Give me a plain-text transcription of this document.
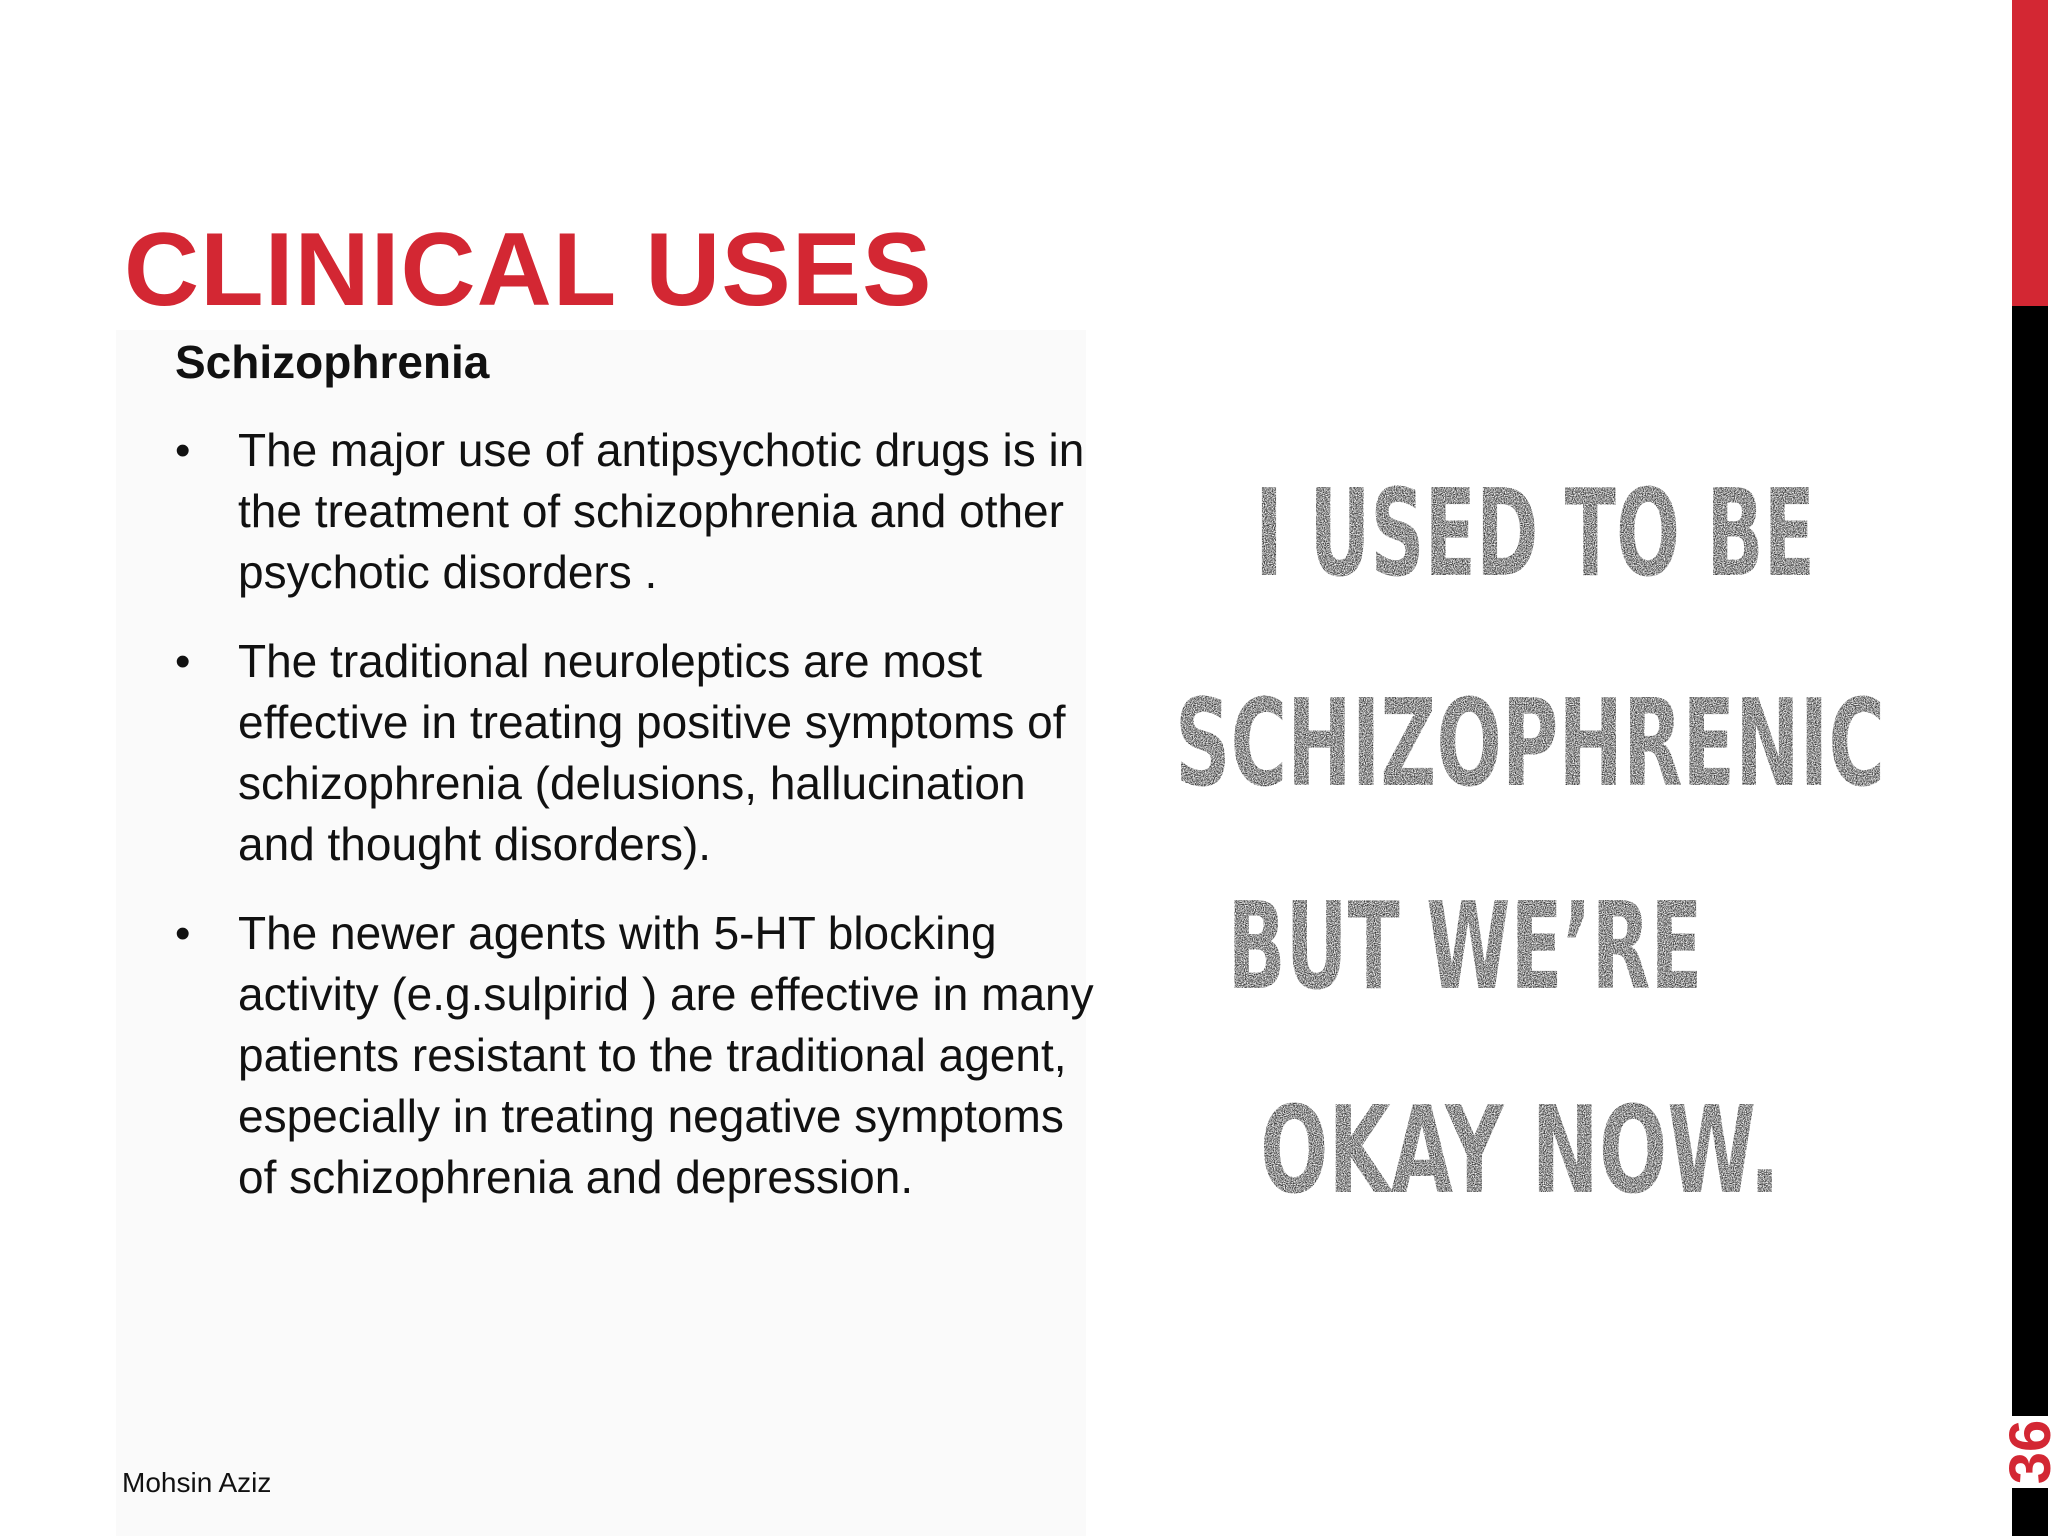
CLINICAL USES
Schizophrenia
• The major use of antipsychotic drugs is in the treatment of schizophrenia and other psychotic disorders .
• The traditional neuroleptics are most effective in treating positive symptoms of schizophrenia (delusions, hallucination and thought disorders).
• The newer agents with 5-HT blocking activity (e.g.sulpirid ) are effective in many patients resistant to the traditional agent, especially in treating negative symptoms of schizophrenia and depression.
I USED TO BE
SCHIZOPHRENIC
BUT WE’RE
OKAY NOW.
Mohsin Aziz	36
